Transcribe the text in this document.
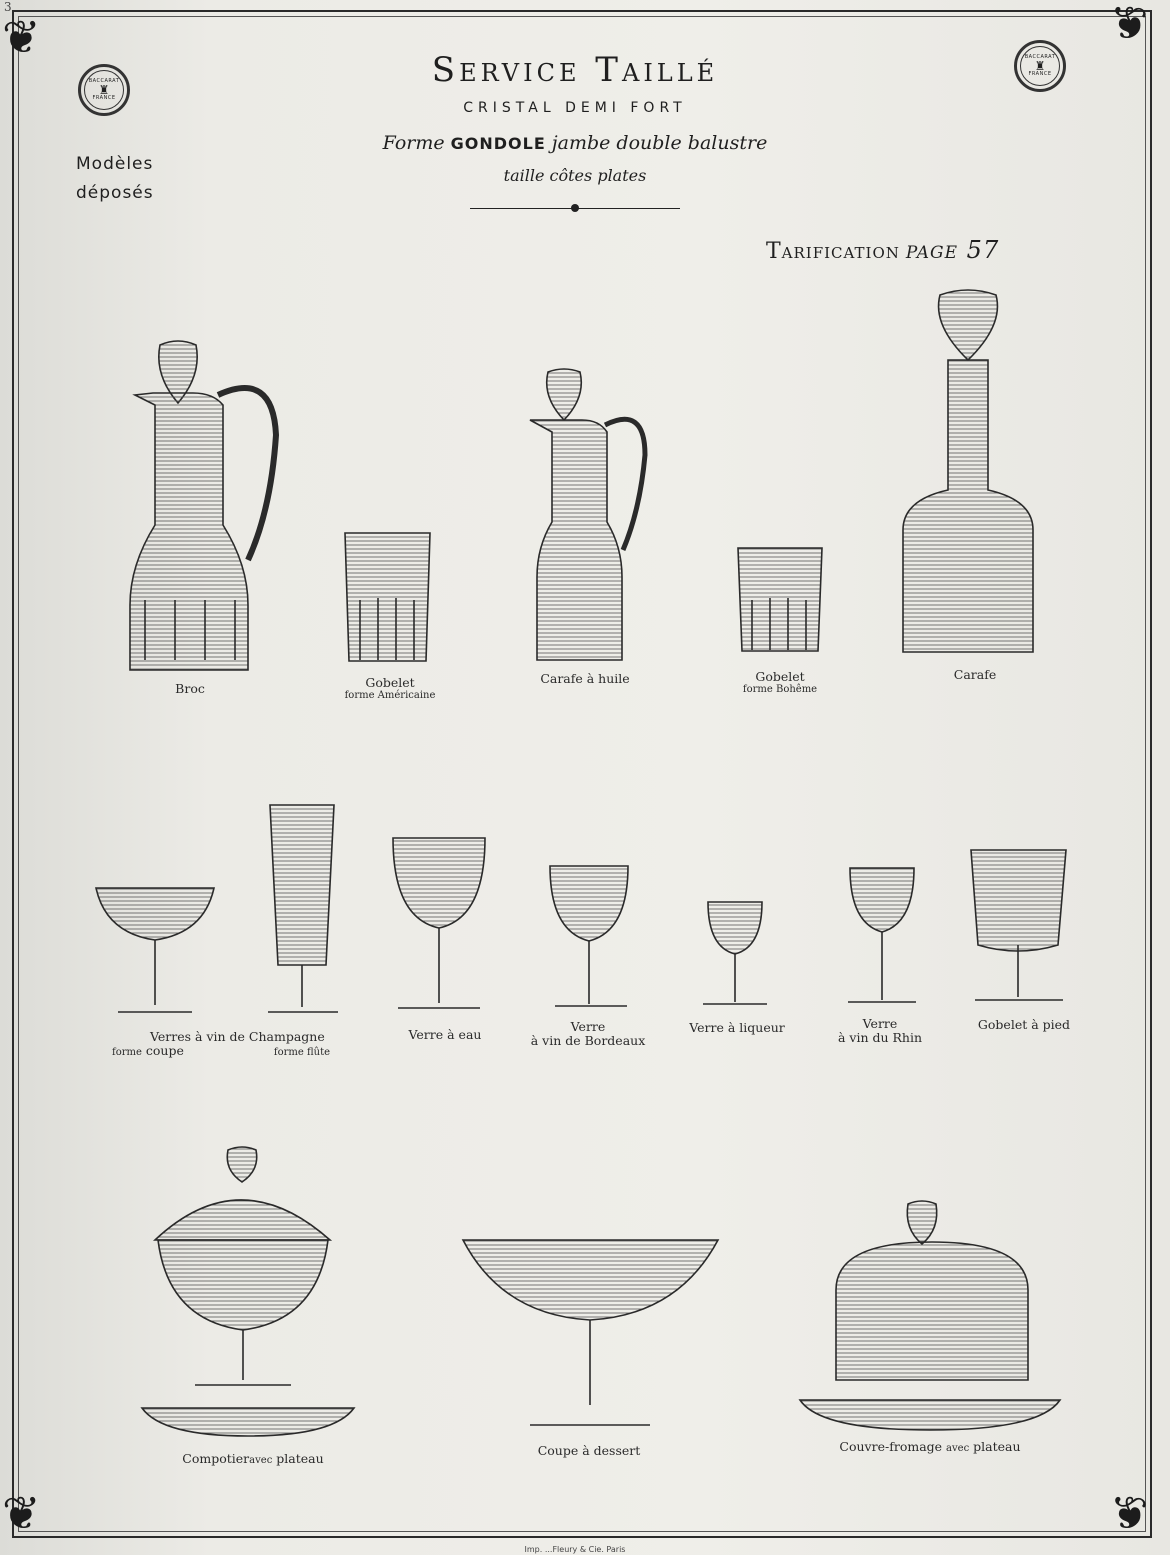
3
❦	❦
❦	❦
BACCARAT
♜
FRANCE
BACCARAT
♜
FRANCE
Service Taillé
CRISTAL DEMI FORT
Forme GONDOLE jambe double balustre
taille côtes plates
Modèles
déposés
Tarification page 57
Broc	Gobelet
forme Américaine
Carafe à huile	Gobelet
forme Bohême
Carafe
Verres à vin de Champagne
forme coupe	forme flûte
Verre à eau
Verre
à vin de Bordeaux
Verre à liqueur	Verre
à vin du Rhin
Gobelet à pied
Compotieravec plateau
Coupe à dessert	Couvre-fromage avec plateau
Imp. ...Fleury & Cie. Paris
